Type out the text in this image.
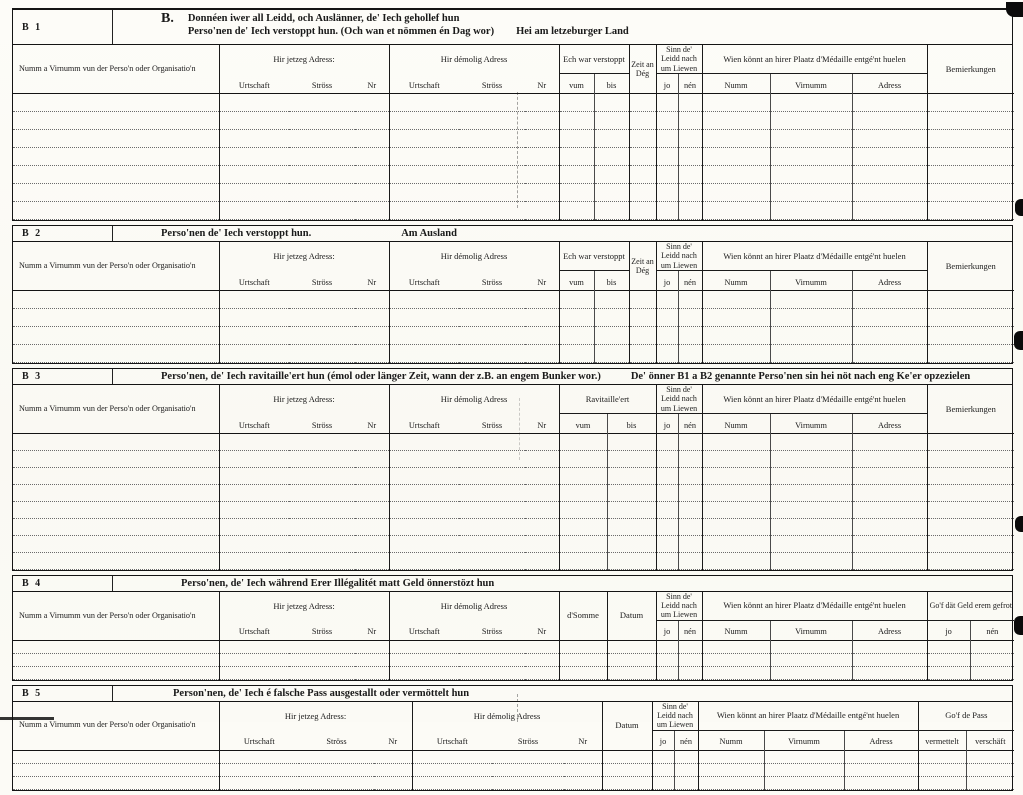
B 1
B. Donnéen iwer all Leidd, och Auslänner, de' Iech gehollef hun
Perso'nen de' Iech verstoppt hun. (Och wan et nömmen én Dag wor) Hei am letzeburger Land
Numm a Virnumm vun der Perso'n oder Organisatio'n	Hir jetzeg Adress:			Hir démolig Adress			Ech war verstoppt		Zeit an Dég	Sinn de' Leidd nach um Liewen		Wien könnt an hirer Plaatz d'Médaille entgé'nt huelen			Bemierkungen
	Urtschaft	Ströss	Nr	Urtschaft	Ströss	Nr	vum	bis		jo	nén	Numm	Virnumm	Adress	

B 2	Perso'nen de' Iech verstoppt hun.	Am Ausland
Numm a Virnumm vun der Perso'n oder Organisatio'n	Hir jetzeg Adress:			Hir démolig Adress			Ech war verstoppt		Zeit an Dég	Sinn de' Leidd nach um Liewen		Wien könnt an hirer Plaatz d'Médaille entgé'nt huelen			Bemierkungen
	Urtschaft	Ströss	Nr	Urtschaft	Ströss	Nr	vum	bis		jo	nén	Numm	Virnumm	Adress	

B 3	Perso'nen, de' Iech ravitaille'ert hun (émol oder länger Zeit, wann der z.B. an engem Bunker wor.)	De' önner B1 a B2 genannte Perso'nen sin hei nöt nach eng Ke'er opzezielen
Numm a Virnumm vun der Perso'n oder Organisatio'n	Hir jetzeg Adress:			Hir démolig Adress			Ravitaille'ert		Sinn de' Leidd nach um Liewen		Wien könnt an hirer Plaatz d'Médaille entgé'nt huelen			Bemierkungen
	Urtschaft	Ströss	Nr	Urtschaft	Ströss	Nr	vum	bis	jo	nén	Numm	Virnumm	Adress	

B 4	Perso'nen, de' Iech während Erer Illégalitét matt Geld önnerstözt hun
Numm a Virnumm vun der Perso'n oder Organisatio'n	Hir jetzeg Adress:			Hir démolig Adress			d'Somme	Datum	Sinn de' Leidd nach um Liewen		Wien könnt an hirer Plaatz d'Médaille entgé'nt huelen			Go'f dät Geld erem gefrot	
	Urtschaft	Ströss	Nr	Urtschaft	Ströss	Nr			jo	nén	Numm	Virnumm	Adress	jo	nén

B 5	Person'nen, de' Iech é falsche Pass ausgestallt oder vermöttelt hun
Numm a Virnumm vun der Perso'n oder Organisatio'n	Hir jetzeg Adress:			Hir démolig Adress			Datum	Sinn de' Leidd nach um Liewen		Wien könnt an hirer Plaatz d'Médaille entgé'nt huelen			Go'f de Pass	
	Urtschaft	Ströss	Nr	Urtschaft	Ströss	Nr		jo	nén	Numm	Virnumm	Adress	vermettelt	verschäft
